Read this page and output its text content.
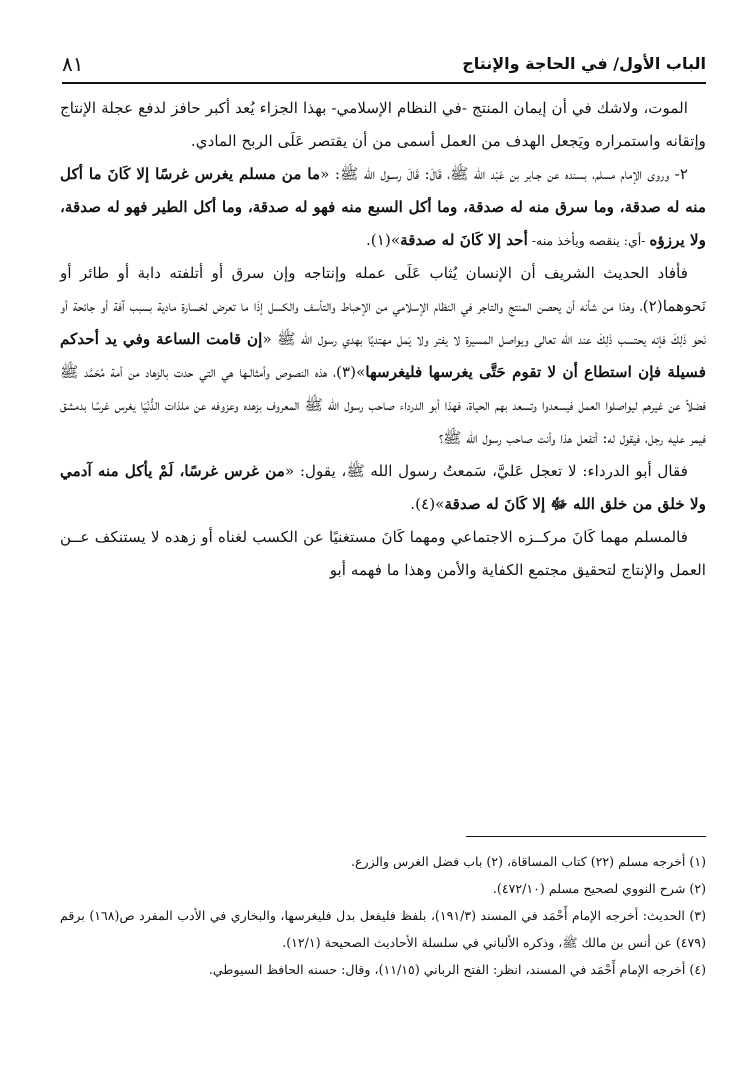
الباب الأول/ في الحاجة والإنتاج
٨١

الموت، ولاشك في أن إيمان المنتج -في النظام الإسلامي- بهذا الجزاء يُعد أكبر حافز لدفع عجلة الإنتاج وإتقانه واستمراره ويَجعل الهدف من العمل أسمى من أن يقتصر عَلَى الربح المادي.

٢- وروى الإمام مسلم، بسنده عن جـابر بن عَبْد الله ﷺ، قَالَ: قَالَ رسـول الله ﷺ: «ما من مسلم يغرس غرسًا إلا كَانَ ما أكل منه له صدقة، وما سرق منه له صدقة، وما أكل السبع منه فهو له صدقة، وما أكل الطير فهو له صدقة، ولا يرزؤه -أي: ينقصه ويأخذ منه- أحد إلا كَانَ له صدقة»(١).

فأفاد الحديث الشريف أن الإنسان يُثاب عَلَى عمله وإنتاجه وإن سرق أو أتلفته دابة أو طائر أو نَحوهما(٢)، وهذا من شأنه أن يحصن المنتج والتاجر في النظام الإسلامي من الإحباط والتأسف والكسل إذَا ما تعرض لخسارة مادية بسبب آفة أو جائحة أو نَحو ذَلِكَ فإنه يحتسب ذَلِكَ عند الله تعالى ويواصل المسيرة لا يفتر ولا يَمل مهتديًا بهدي رسول الله ﷺ «إن قامت الساعة وفي يد أحدكم فسيلة فإن استطاع أن لا تقوم حَتَّى يغرسها فليغرسها»(٣)، هذه النصوص وأمثالـها هي التي حدت بالزهاد من أمة مُحَمَّد ﷺ فضلاً عن غيرهم ليواصلوا العمل فيسعدوا وتسعد بهم الحياة، فهذا أبو الدرداء صاحب رسول الله ﷺ المعروف بزهده وعزوفه عن ملذات الدُّنْيَا يغرس غرسًا بدمشق فيمر عليه رجل، فيقول له: أتفعل هذا وأنت صاحب رسول الله ﷺ؟

فقال أبو الدرداء: لا تعجل عَليَّ، سَمعتُ رسول الله ﷺ، يقول: «من غرس غرسًا، لَمْ يأكل منه آدمي ولا خلق من خلق الله ﷻ إلا كَانَ له صدقة»(٤).

فالمسلم مهما كَانَ مركــزه الاجتماعي ومهما كَانَ مستغنيًا عن الكسب لغناه أو زهده لا يستنكف عــن العمل والإنتاج لتحقيق مجتمع الكفاية والأمن وهذا ما فهمه أبو

(١) أخرجه مسلم (٢٢) كتاب المساقاة، (٢) باب فضل الغرس والزرع.

(٢) شرح النووي لصحيح مسلم (٤٧٢/١٠).

(٣) الحديث: أخرجه الإمام أَحْمَد في المسند (١٩١/٣)، بلفظ فليفعل بدل فليغرسها، والبخاري في الأدب المفرد ص(١٦٨) برقم (٤٧٩) عن أنس بن مالك ﷺ، وذكره الألباني في سلسلة الأحاديث الصحيحة (١٢/١).

(٤) أخرجه الإمام أَحْمَد في المسند، انظر: الفتح الرباني (١١/١٥)، وقال: حسنه الحافظ السيوطي.
